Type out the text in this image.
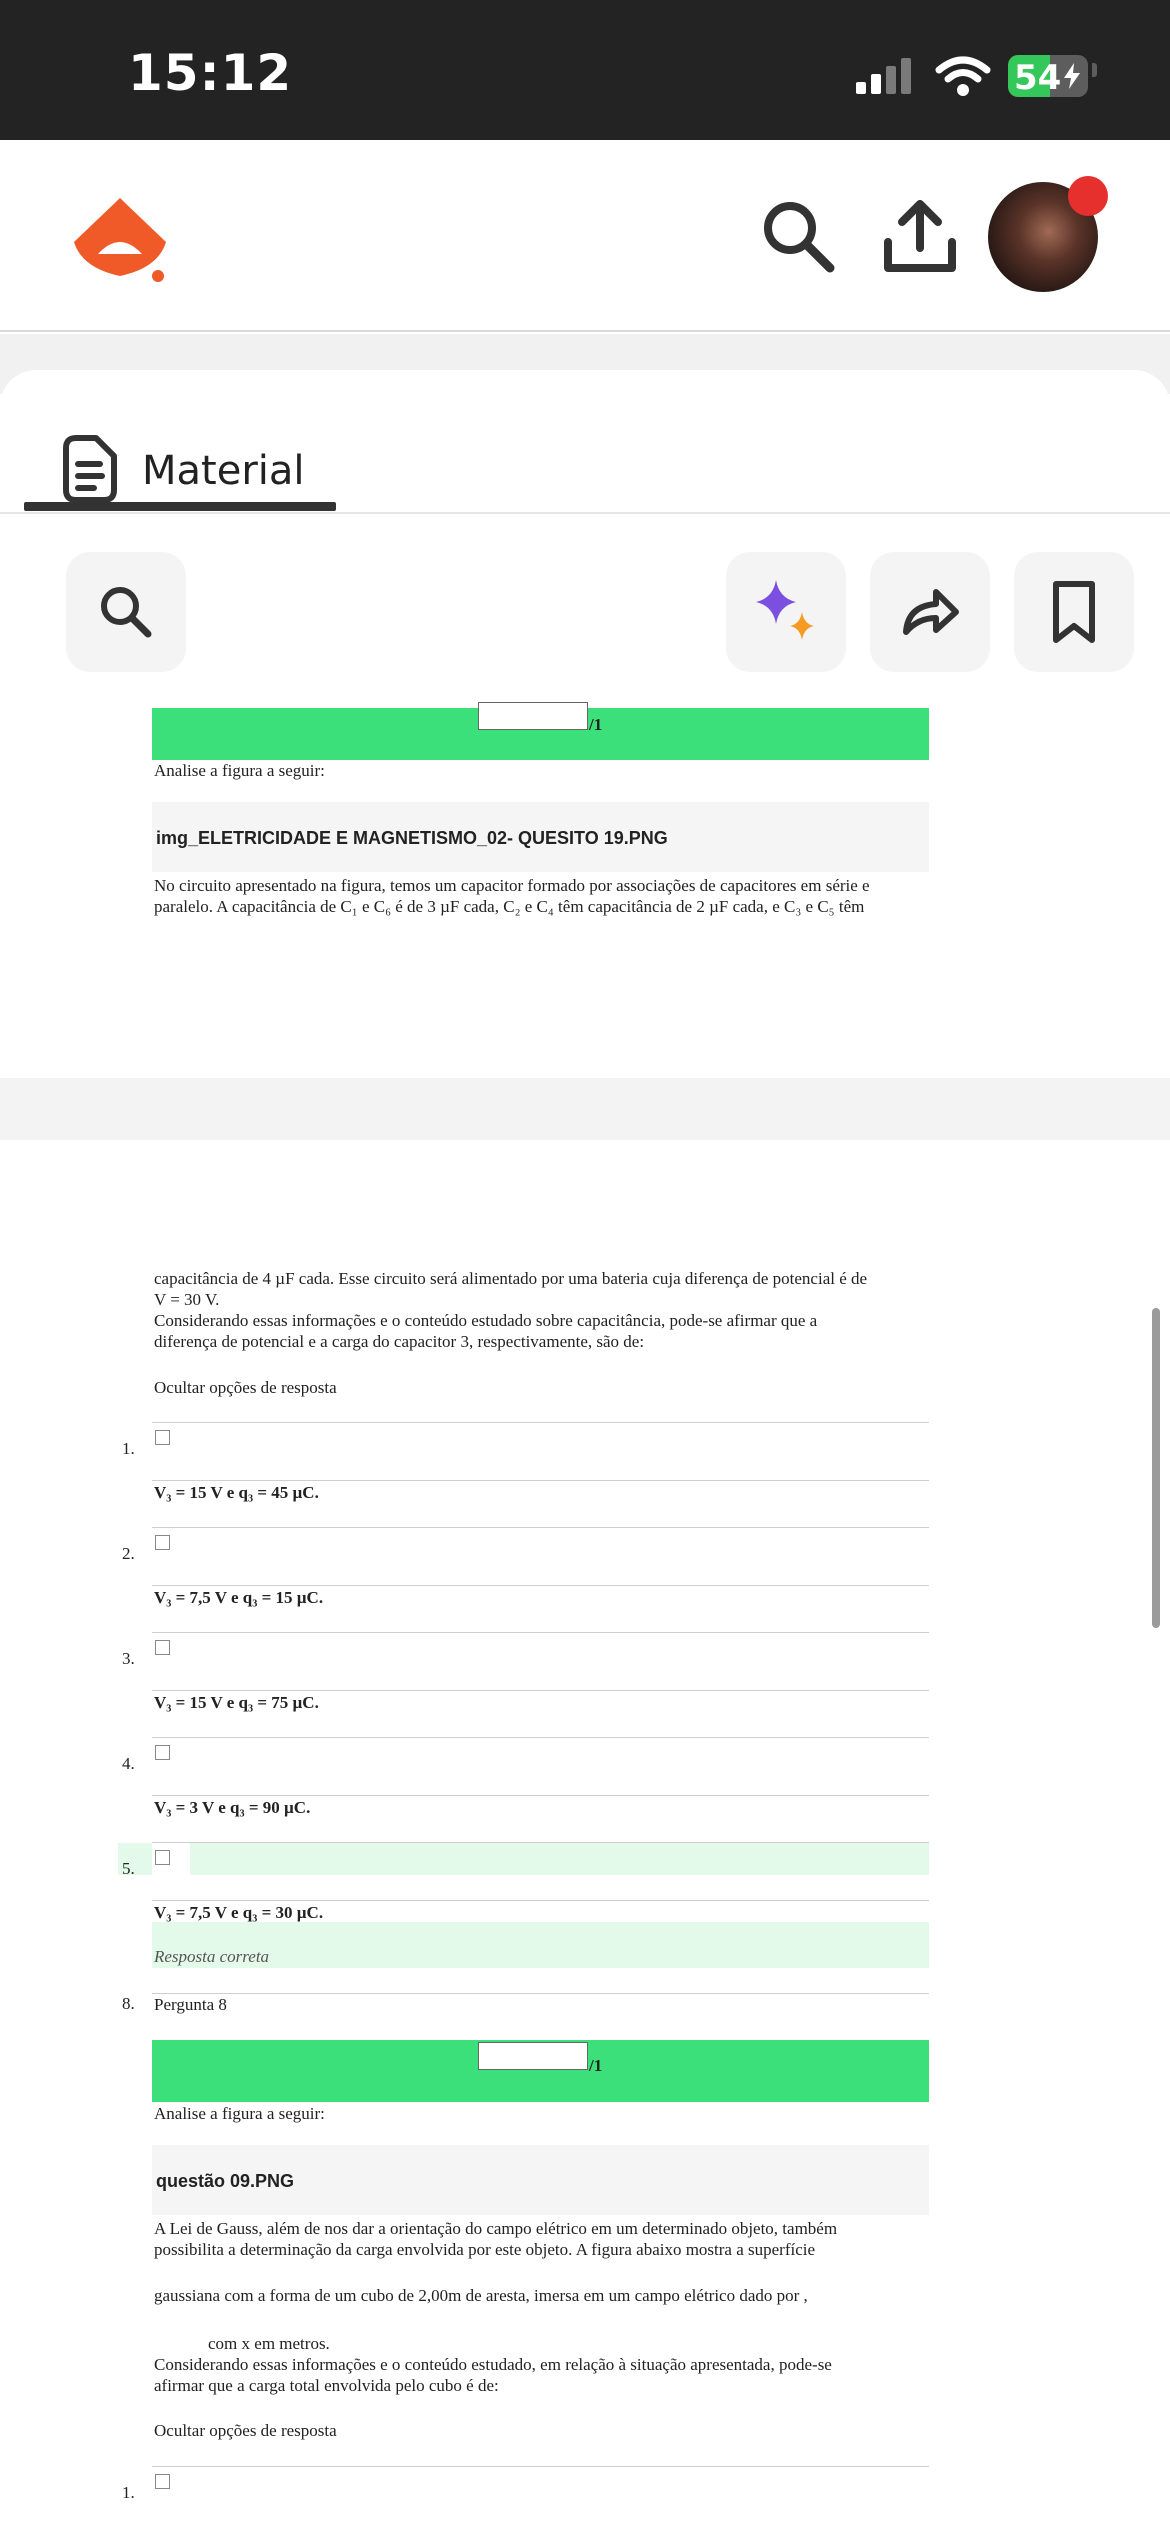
15:12	54
Material
/1
Analise a figura a seguir:
img_ELETRICIDADE E MAGNETISMO_02- QUESITO 19.PNG
No circuito apresentado na figura, temos um capacitor formado por associações de capacitores em série e
paralelo. A capacitância de C₁ e C₆ é de 3 µF cada, C₂ e C₄ têm capacitância de 2 µF cada, e C₃ e C₅ têm
capacitância de 4 µF cada. Esse circuito será alimentado por uma bateria cuja diferença de potencial é de
V = 30 V.
Considerando essas informações e o conteúdo estudado sobre capacitância, pode-se afirmar que a
diferença de potencial e a carga do capacitor 3, respectivamente, são de:
Ocultar opções de resposta
1.
V₃ = 15 V e q₃ = 45 µC.
2.
V₃ = 7,5 V e q₃ = 15 µC.
3.
V₃ = 15 V e q₃ = 75 µC.
4.
V₃ = 3 V e q₃ = 90 µC.
5.
V₃ = 7,5 V e q₃ = 30 µC.
Resposta correta
8. Pergunta 8
/1
Analise a figura a seguir:
questão 09.PNG
A Lei de Gauss, além de nos dar a orientação do campo elétrico em um determinado objeto, também
possibilita a determinação da carga envolvida por este objeto. A figura abaixo mostra a superfície
gaussiana com a forma de um cubo de 2,00m de aresta, imersa em um campo elétrico dado por ,
com x em metros.
Considerando essas informações e o conteúdo estudado, em relação à situação apresentada, pode-se
afirmar que a carga total envolvida pelo cubo é de:
Ocultar opções de resposta
1.
